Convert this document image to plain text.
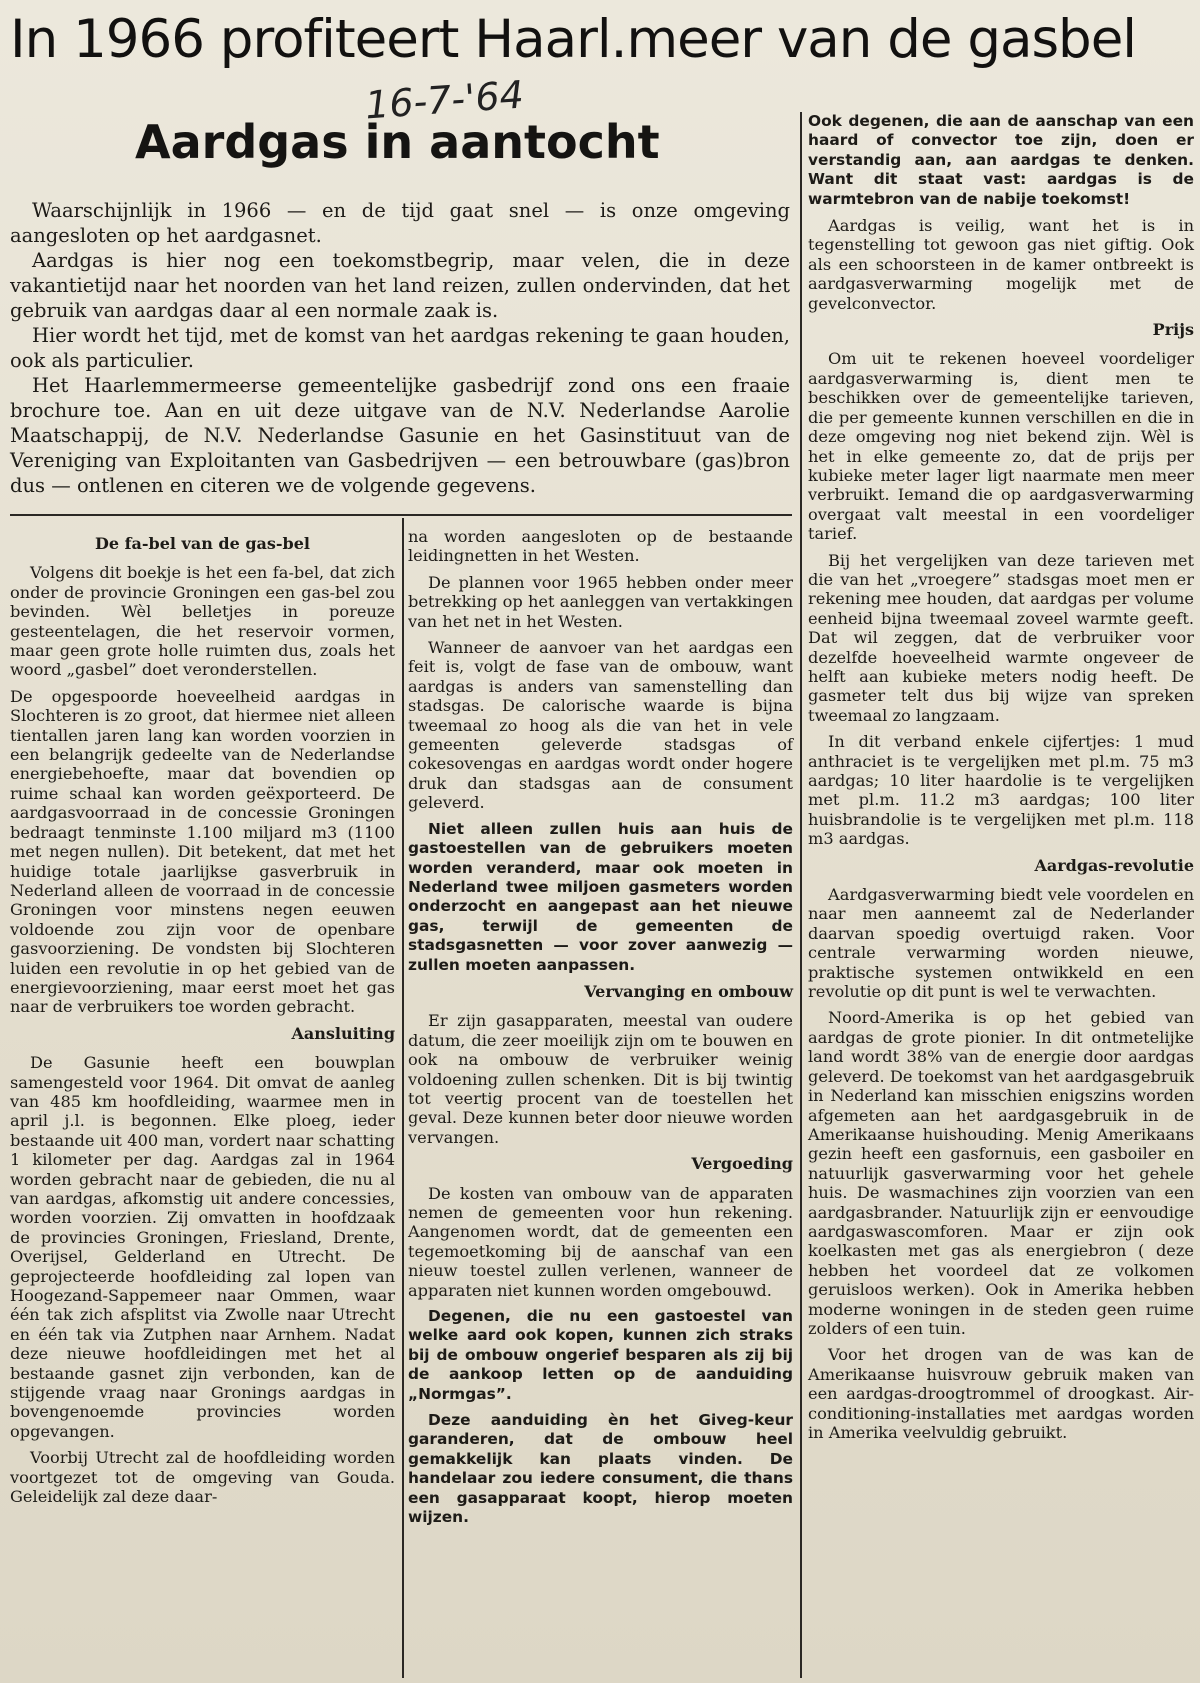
In 1966 profiteert Haarl.meer van de gasbel
16-7-'64
Aardgas in aantocht

Waarschijnlijk in 1966 — en de tijd gaat snel — is onze omgeving aangesloten op het aardgasnet.

Aardgas is hier nog een toekomstbegrip, maar velen, die in deze vakantietijd naar het noorden van het land reizen, zullen ondervinden, dat het gebruik van aardgas daar al een normale zaak is.

Hier wordt het tijd, met de komst van het aardgas rekening te gaan houden, ook als particulier.

Het Haarlemmermeerse gemeentelijke gasbedrijf zond ons een fraaie brochure toe. Aan en uit deze uitgave van de N.V. Nederlandse Aarolie Maatschappij, de N.V. Nederlandse Gasunie en het Gasinstituut van de Vereniging van Exploitanten van Gasbedrijven — een betrouwbare (gas)bron dus — ontlenen en citeren we de volgende gegevens.

De fa-bel van de gas-bel

Volgens dit boekje is het een fa-bel, dat zich onder de provincie Groningen een gas-bel zou bevinden. Wèl belletjes in poreuze gesteentelagen, die het reservoir vormen, maar geen grote holle ruimten dus, zoals het woord „gasbel” doet veronderstellen.

De opgespoorde hoeveelheid aardgas in Slochteren is zo groot, dat hiermee niet alleen tientallen jaren lang kan worden voorzien in een belangrijk gedeelte van de Nederlandse energiebehoefte, maar dat bovendien op ruime schaal kan worden geëxporteerd. De aardgasvoorraad in de concessie Groningen bedraagt tenminste 1.100 miljard m3 (1100 met negen nullen). Dit betekent, dat met het huidige totale jaarlijkse gasverbruik in Nederland alleen de voorraad in de concessie Groningen voor minstens negen eeuwen voldoende zou zijn voor de openbare gasvoorziening. De vondsten bij Slochteren luiden een revolutie in op het gebied van de energievoorziening, maar eerst moet het gas naar de verbruikers toe worden gebracht.

Aansluiting

De Gasunie heeft een bouwplan samengesteld voor 1964. Dit omvat de aanleg van 485 km hoofdleiding, waarmee men in april j.l. is begonnen. Elke ploeg, ieder bestaande uit 400 man, vordert naar schatting 1 kilometer per dag. Aardgas zal in 1964 worden gebracht naar de gebieden, die nu al van aardgas, afkomstig uit andere concessies, worden voorzien. Zij omvatten in hoofdzaak de provincies Groningen, Friesland, Drente, Overijsel, Gelderland en Utrecht. De geprojecteerde hoofdleiding zal lopen van Hoogezand-Sappemeer naar Ommen, waar één tak zich afsplitst via Zwolle naar Utrecht en één tak via Zutphen naar Arnhem. Nadat deze nieuwe hoofdleidingen met het al bestaande gasnet zijn verbonden, kan de stijgende vraag naar Gronings aardgas in bovengenoemde provincies worden opgevangen.

Voorbij Utrecht zal de hoofdleiding worden voortgezet tot de omgeving van Gouda. Geleidelijk zal deze daar-

na worden aangesloten op de bestaande leidingnetten in het Westen.

De plannen voor 1965 hebben onder meer betrekking op het aanleggen van vertakkingen van het net in het Westen.

Wanneer de aanvoer van het aardgas een feit is, volgt de fase van de ombouw, want aardgas is anders van samenstelling dan stadsgas. De calorische waarde is bijna tweemaal zo hoog als die van het in vele gemeenten geleverde stadsgas of cokesovengas en aardgas wordt onder hogere druk dan stadsgas aan de consument geleverd.

Niet alleen zullen huis aan huis de gastoestellen van de gebruikers moeten worden veranderd, maar ook moeten in Nederland twee miljoen gasmeters worden onderzocht en aangepast aan het nieuwe gas, terwijl de gemeenten de stadsgasnetten — voor zover aanwezig — zullen moeten aanpassen.

Vervanging en ombouw

Er zijn gasapparaten, meestal van oudere datum, die zeer moeilijk zijn om te bouwen en ook na ombouw de verbruiker weinig voldoening zullen schenken. Dit is bij twintig tot veertig procent van de toestellen het geval. Deze kunnen beter door nieuwe worden vervangen.

Vergoeding

De kosten van ombouw van de apparaten nemen de gemeenten voor hun rekening. Aangenomen wordt, dat de gemeenten een tegemoetkoming bij de aanschaf van een nieuw toestel zullen verlenen, wanneer de apparaten niet kunnen worden omgebouwd.

Degenen, die nu een gastoestel van welke aard ook kopen, kunnen zich straks bij de ombouw ongerief besparen als zij bij de aankoop letten op de aanduiding „Normgas”.

Deze aanduiding èn het Giveg-keur garanderen, dat de ombouw heel gemakkelijk kan plaats vinden. De handelaar zou iedere consument, die thans een gasapparaat koopt, hierop moeten wijzen.

Ook degenen, die aan de aanschap van een haard of convector toe zijn, doen er verstandig aan, aan aardgas te denken. Want dit staat vast: aardgas is de warmtebron van de nabije toekomst!

Aardgas is veilig, want het is in tegenstelling tot gewoon gas niet giftig. Ook als een schoorsteen in de kamer ontbreekt is aardgasverwarming mogelijk met de gevelconvector.

Prijs

Om uit te rekenen hoeveel voordeliger aardgasverwarming is, dient men te beschikken over de gemeentelijke tarieven, die per gemeente kunnen verschillen en die in deze omgeving nog niet bekend zijn. Wèl is het in elke gemeente zo, dat de prijs per kubieke meter lager ligt naarmate men meer verbruikt. Iemand die op aardgasverwarming overgaat valt meestal in een voordeliger tarief.

Bij het vergelijken van deze tarieven met die van het „vroegere” stadsgas moet men er rekening mee houden, dat aardgas per volume eenheid bijna tweemaal zoveel warmte geeft. Dat wil zeggen, dat de verbruiker voor dezelfde hoeveelheid warmte ongeveer de helft aan kubieke meters nodig heeft. De gasmeter telt dus bij wijze van spreken tweemaal zo langzaam.

In dit verband enkele cijfertjes: 1 mud anthraciet is te vergelijken met pl.m. 75 m3 aardgas; 10 liter haardolie is te vergelijken met pl.m. 11.2 m3 aardgas; 100 liter huisbrandolie is te vergelijken met pl.m. 118 m3 aardgas.

Aardgas-revolutie

Aardgasverwarming biedt vele voordelen en naar men aanneemt zal de Nederlander daarvan spoedig overtuigd raken. Voor centrale verwarming worden nieuwe, praktische systemen ontwikkeld en een revolutie op dit punt is wel te verwachten.

Noord-Amerika is op het gebied van aardgas de grote pionier. In dit ontmetelijke land wordt 38% van de energie door aardgas geleverd. De toekomst van het aardgasgebruik in Nederland kan misschien enigszins worden afgemeten aan het aardgasgebruik in de Amerikaanse huishouding. Menig Amerikaans gezin heeft een gasfornuis, een gasboiler en natuurlijk gasverwarming voor het gehele huis. De wasmachines zijn voorzien van een aardgasbrander. Natuurlijk zijn er eenvoudige aardgaswascomforen. Maar er zijn ook koelkasten met gas als energiebron ( deze hebben het voordeel dat ze volkomen geruisloos werken). Ook in Amerika hebben moderne woningen in de steden geen ruime zolders of een tuin.

Voor het drogen van de was kan de Amerikaanse huisvrouw gebruik maken van een aardgas-droogtrommel of droogkast. Air-conditioning-installaties met aardgas worden in Amerika veelvuldig gebruikt.
